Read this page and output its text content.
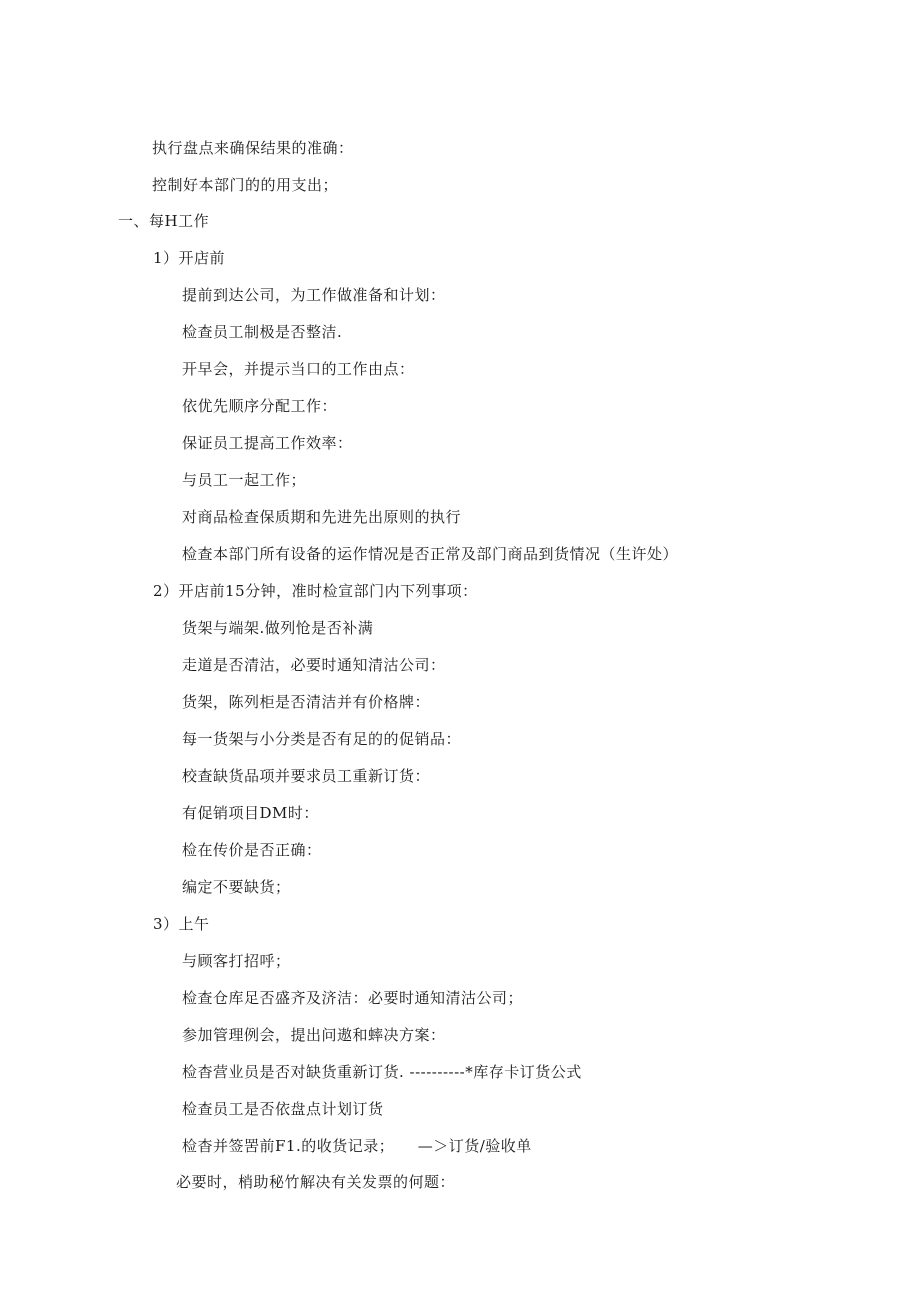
执行盘点来确保结果的准确：
控制好本部门的的用支出；
一、每H工作
1）开店前
提前到达公司，为工作做准备和计划：
检查员工制极是否整洁.
开早会，并提示当口的工作由点：
依优先顺序分配工作：
保证员工提高工作效率：
与员工一起工作；
对商品检查保质期和先进先出原则的执行
检查本部门所有设备的运作情况是否正常及部门商品到货情况（生许处）
2）开店前15分钟，准时检宣部门内下列事项：
货架与端架.做列怆是否补满
走道是否清沽，必要时通知清沽公司：
货架，陈列柜是否清洁并有价格牌：
每一货架与小分类是否有足的的促销品：
校查缺货品项并要求员工重新订货：
有促销项目DM时：
检在传价是否正确：
编定不要缺货；
3）上午
与顾客打招呼；
检查仓库足否盛齐及济洁：必要时通知清沽公司；
参加管理例会，提出问遨和蟀决方案：
检杳营业员是否对缺货重新订货. ----------*库存卡订货公式
检查员工是否依盘点计划订货
检杳并签罟前F1.的收货记录；　　—＞订货/验收单
必要时，梢助秘竹解决有关发票的何题：
